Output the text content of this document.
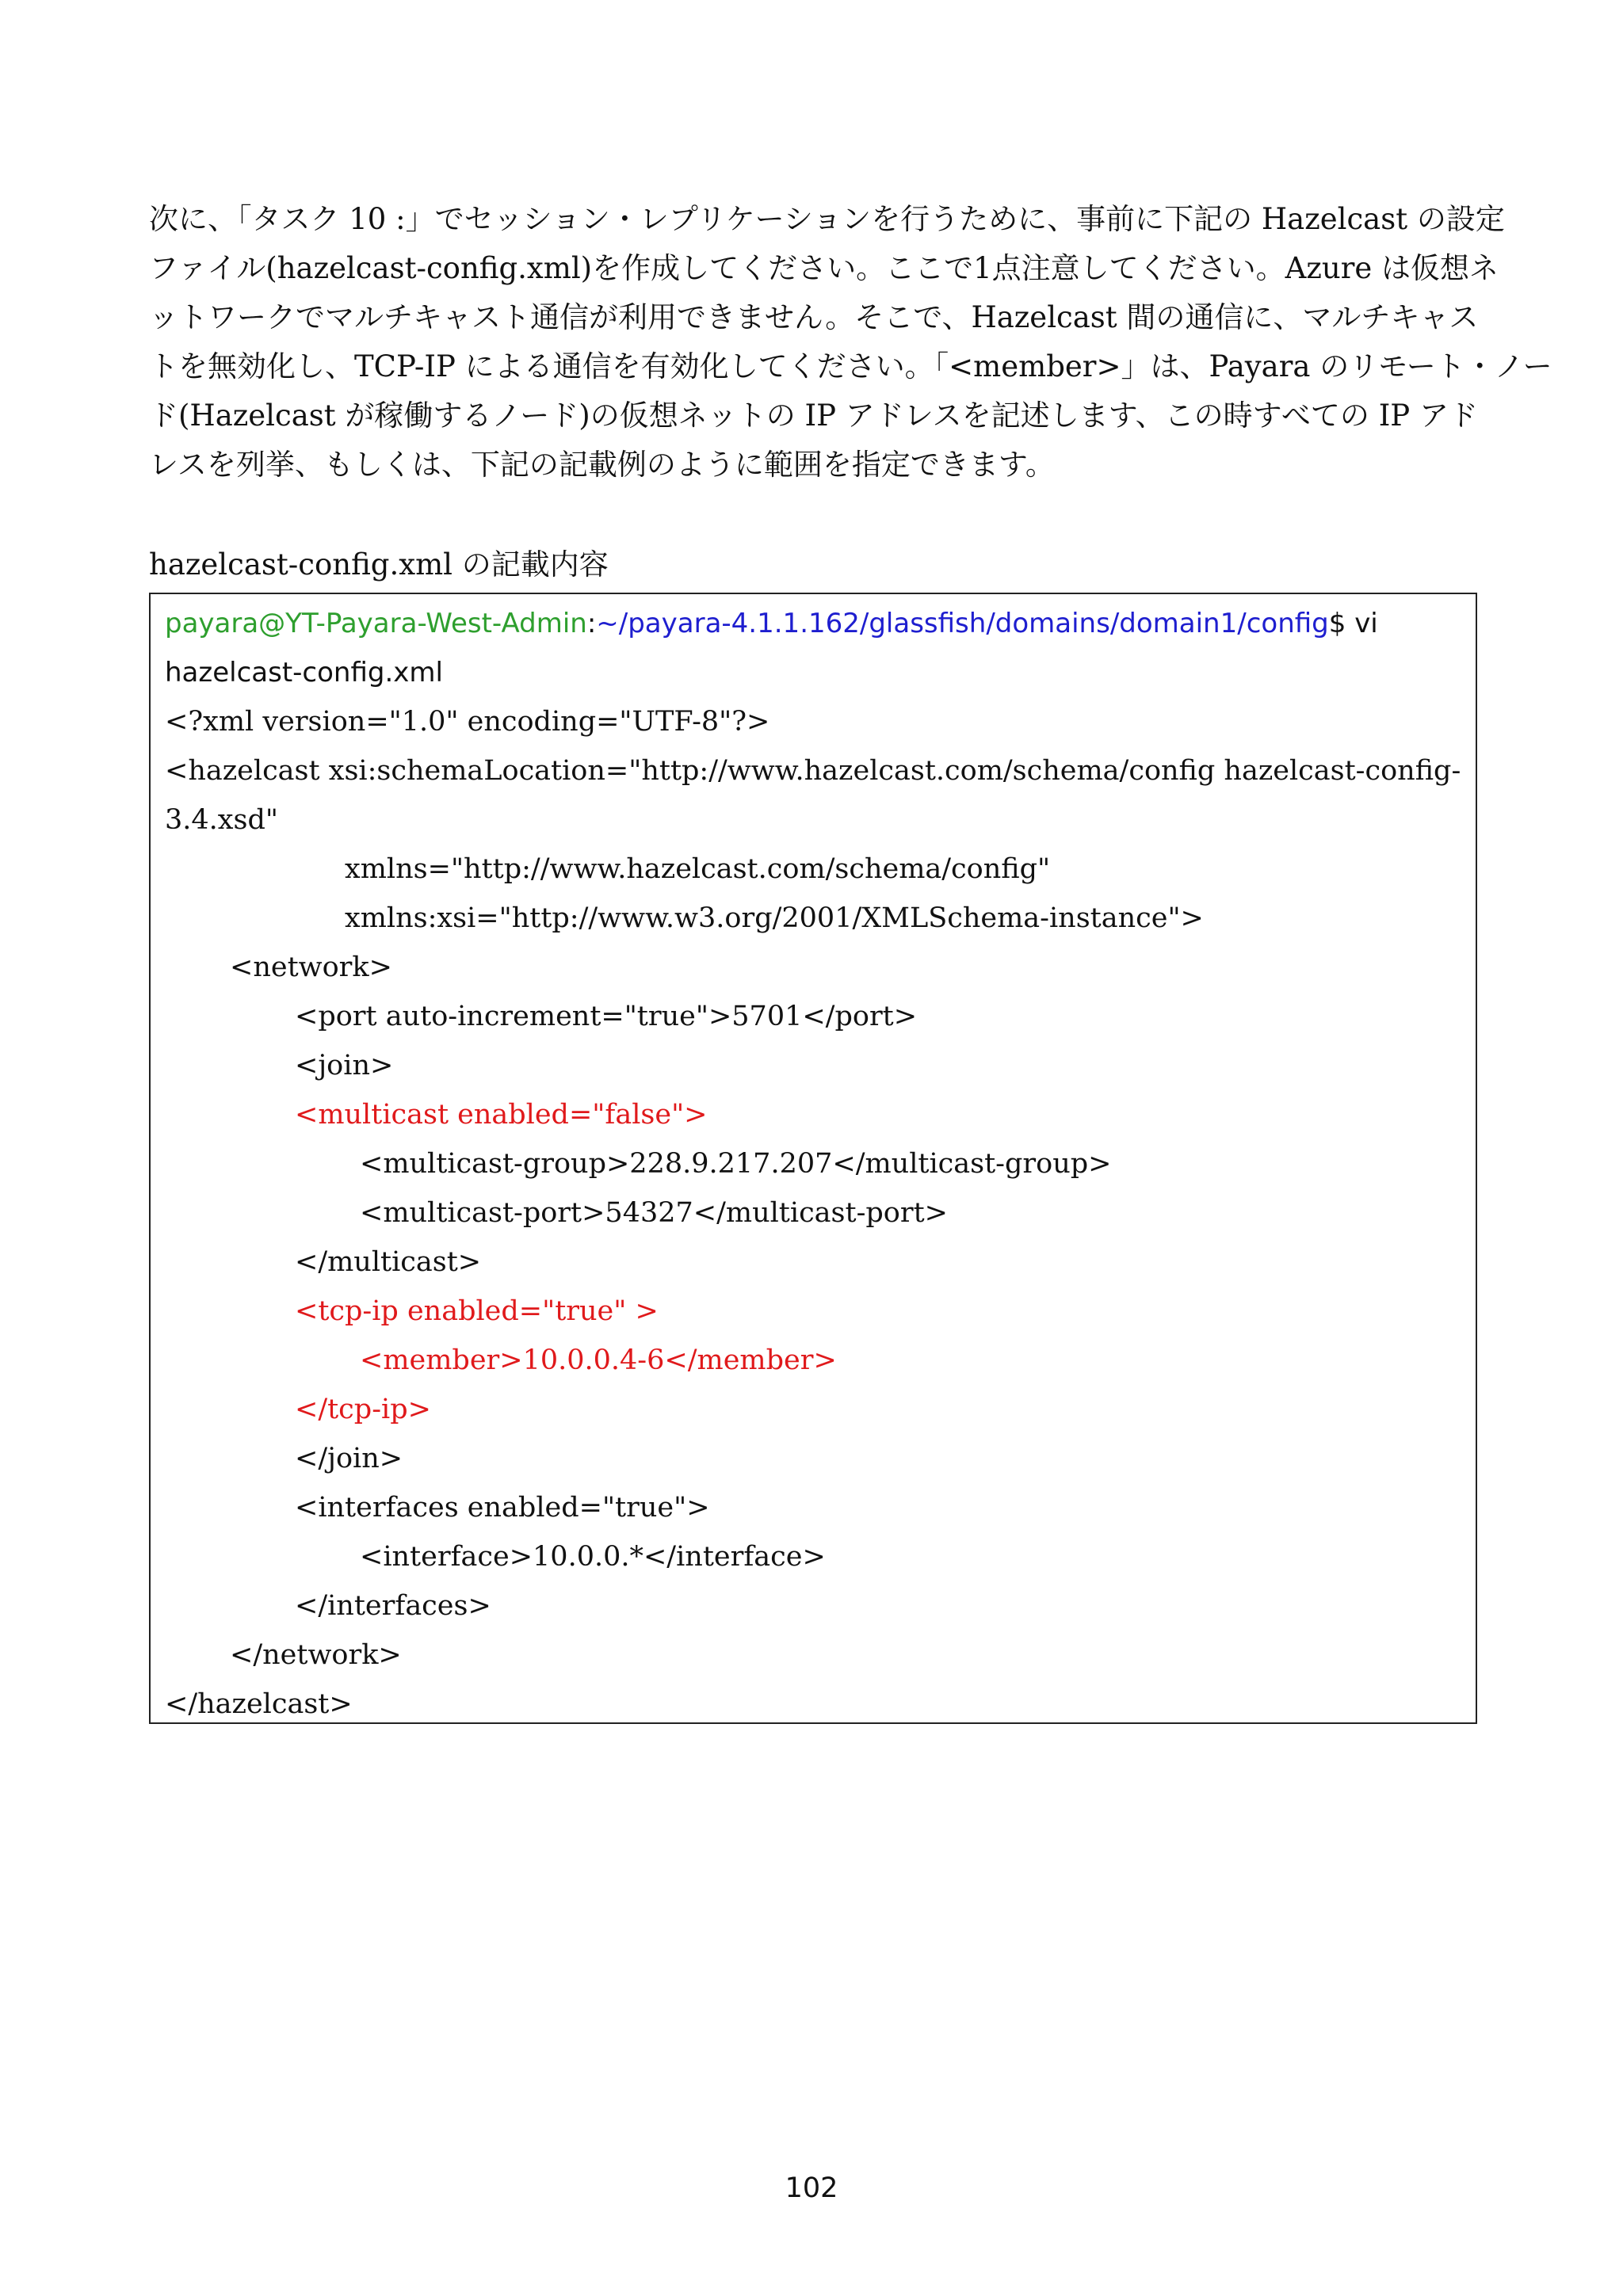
次に、「タスク 10 :」でセッション・レプリケーションを行うために、事前に下記の Hazelcast の設定
ファイル(hazelcast-config.xml)を作成してください。ここで1点注意してください。Azure は仮想ネ
ットワークでマルチキャスト通信が利用できません。そこで、Hazelcast 間の通信に、マルチキャス
トを無効化し、TCP-IP による通信を有効化してください。「<member>」は、Payara のリモート・ノー
ド(Hazelcast が稼働するノード)の仮想ネットの IP アドレスを記述します、この時すべての IP アド
レスを列挙、もしくは、下記の記載例のように範囲を指定できます。

hazelcast-config.xml の記載内容

payara@YT-Payara-West-Admin:~/payara-4.1.1.162/glassfish/domains/domain1/config$ vi
hazelcast-config.xml
<?xml version="1.0" encoding="UTF-8"?>
<hazelcast xsi:schemaLocation="http://www.hazelcast.com/schema/config hazelcast-config-
3.4.xsd"
xmlns="http://www.hazelcast.com/schema/config"
xmlns:xsi="http://www.w3.org/2001/XMLSchema-instance">
<network>
<port auto-increment="true">5701</port>
<join>
<multicast enabled="false">
<multicast-group>228.9.217.207</multicast-group>
<multicast-port>54327</multicast-port>
</multicast>
<tcp-ip enabled="true" >
<member>10.0.0.4-6</member>
</tcp-ip>
</join>
<interfaces enabled="true">
<interface>10.0.0.*</interface>
</interfaces>
</network>
</hazelcast>
102
